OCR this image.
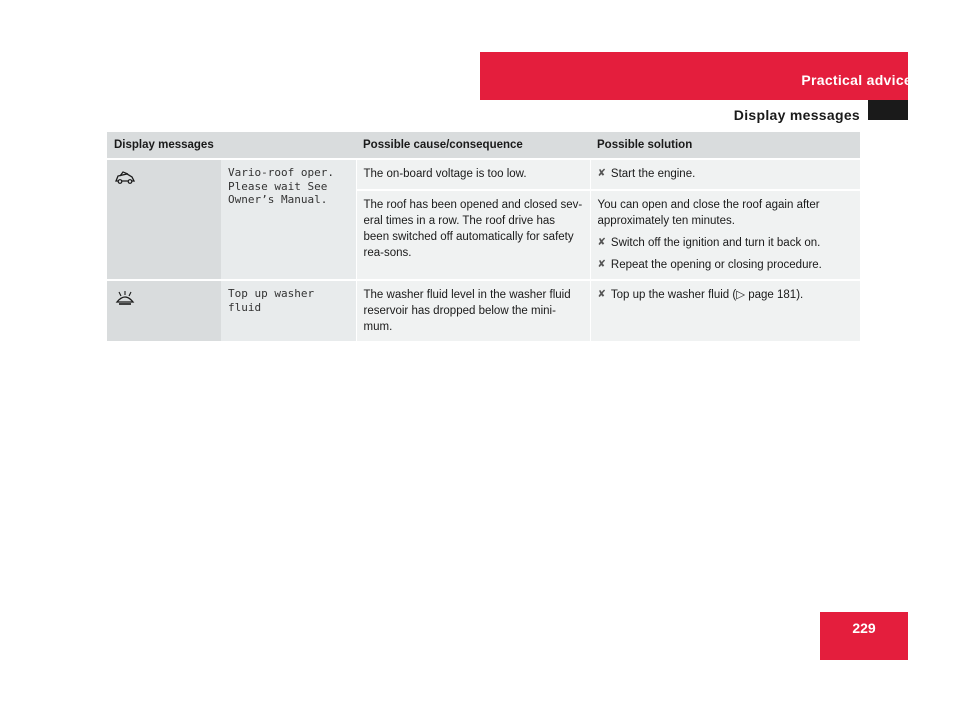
Practical advice
Display messages
Display messages		Possible cause/consequence	Possible solution
	Vario-roof oper.
Please wait See
Owner’s Manual.	The on-board voltage is too low.	✘ Start the engine.

		The roof has been opened and closed sev-eral times in a row. The roof drive has been switched off automatically for safety rea-sons.	You can open and close the roof again after approximately ten minutes.
✘ Switch off the ignition and turn it back on.
✘ Repeat the opening or closing procedure.

	Top up washer fluid	The washer fluid level in the washer fluid reservoir has dropped below the mini-mum.	✘ Top up the washer fluid (▷ page 181).
229
